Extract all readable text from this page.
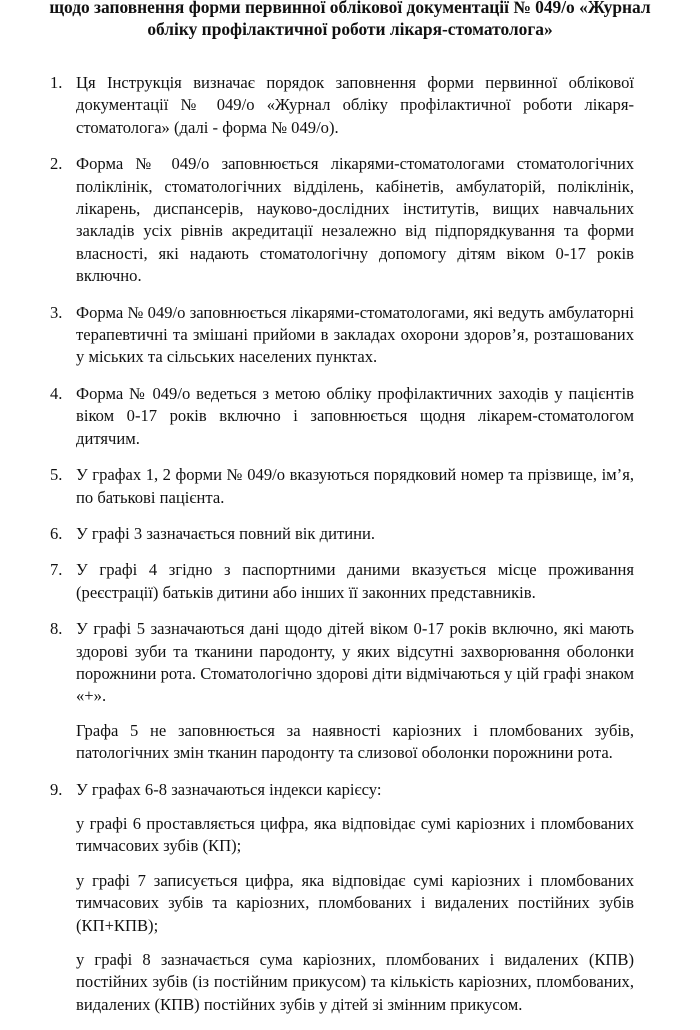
щодо заповнення форми первинної облікової документації № 049/о «Журнал обліку профілактичної роботи лікаря-стоматолога»
1. Ця Інструкція визначає порядок заповнення форми первинної облікової документації № 049/о «Журнал обліку профілактичної роботи лікаря-стоматолога» (далі - форма № 049/о).

2. Форма № 049/о заповнюється лікарями-стоматологами стоматологічних поліклінік, стоматологічних відділень, кабінетів, амбулаторій, поліклінік, лікарень, диспансерів, науково-дослідних інститутів, вищих навчальних закладів усіх рівнів акредитації незалежно від підпорядкування та форми власності, які надають стоматологічну допомогу дітям віком 0-17 років включно.

3. Форма № 049/о заповнюється лікарями-стоматологами, які ведуть амбулаторні терапевтичні та змішані прийоми в закладах охорони здоров’я, розташованих у міських та сільських населених пунктах.

4. Форма № 049/о ведеться з метою обліку профілактичних заходів у пацієнтів віком 0-17 років включно і заповнюється щодня лікарем-стоматологом дитячим.

5. У графах 1, 2 форми № 049/о вказуються порядковий номер та прізвище, ім’я, по батькові пацієнта.

6. У графі 3 зазначається повний вік дитини.

7. У графі 4 згідно з паспортними даними вказується місце проживання (реєстрації) батьків дитини або інших її законних представників.

8. У графі 5 зазначаються дані щодо дітей віком 0-17 років включно, які мають здорові зуби та тканини пародонту, у яких відсутні захворювання оболонки порожнини рота. Стоматологічно здорові діти відмічаються у цій графі знаком «+».

Графа 5 не заповнюється за наявності каріозних і пломбованих зубів, патологічних змін тканин пародонту та слизової оболонки порожнини рота.

9. У графах 6-8 зазначаються індекси карієсу:

у графі 6 проставляється цифра, яка відповідає сумі каріозних і пломбованих тимчасових зубів (КП);

у графі 7 записується цифра, яка відповідає сумі каріозних і пломбованих тимчасових зубів та каріозних, пломбованих і видалених постійних зубів (КП+КПВ);

у графі 8 зазначається сума каріозних, пломбованих і видалених (КПВ) постійних зубів (із постійним прикусом) та кількість каріозних, пломбованих, видалених (КПВ) постійних зубів у дітей зі змінним прикусом.
